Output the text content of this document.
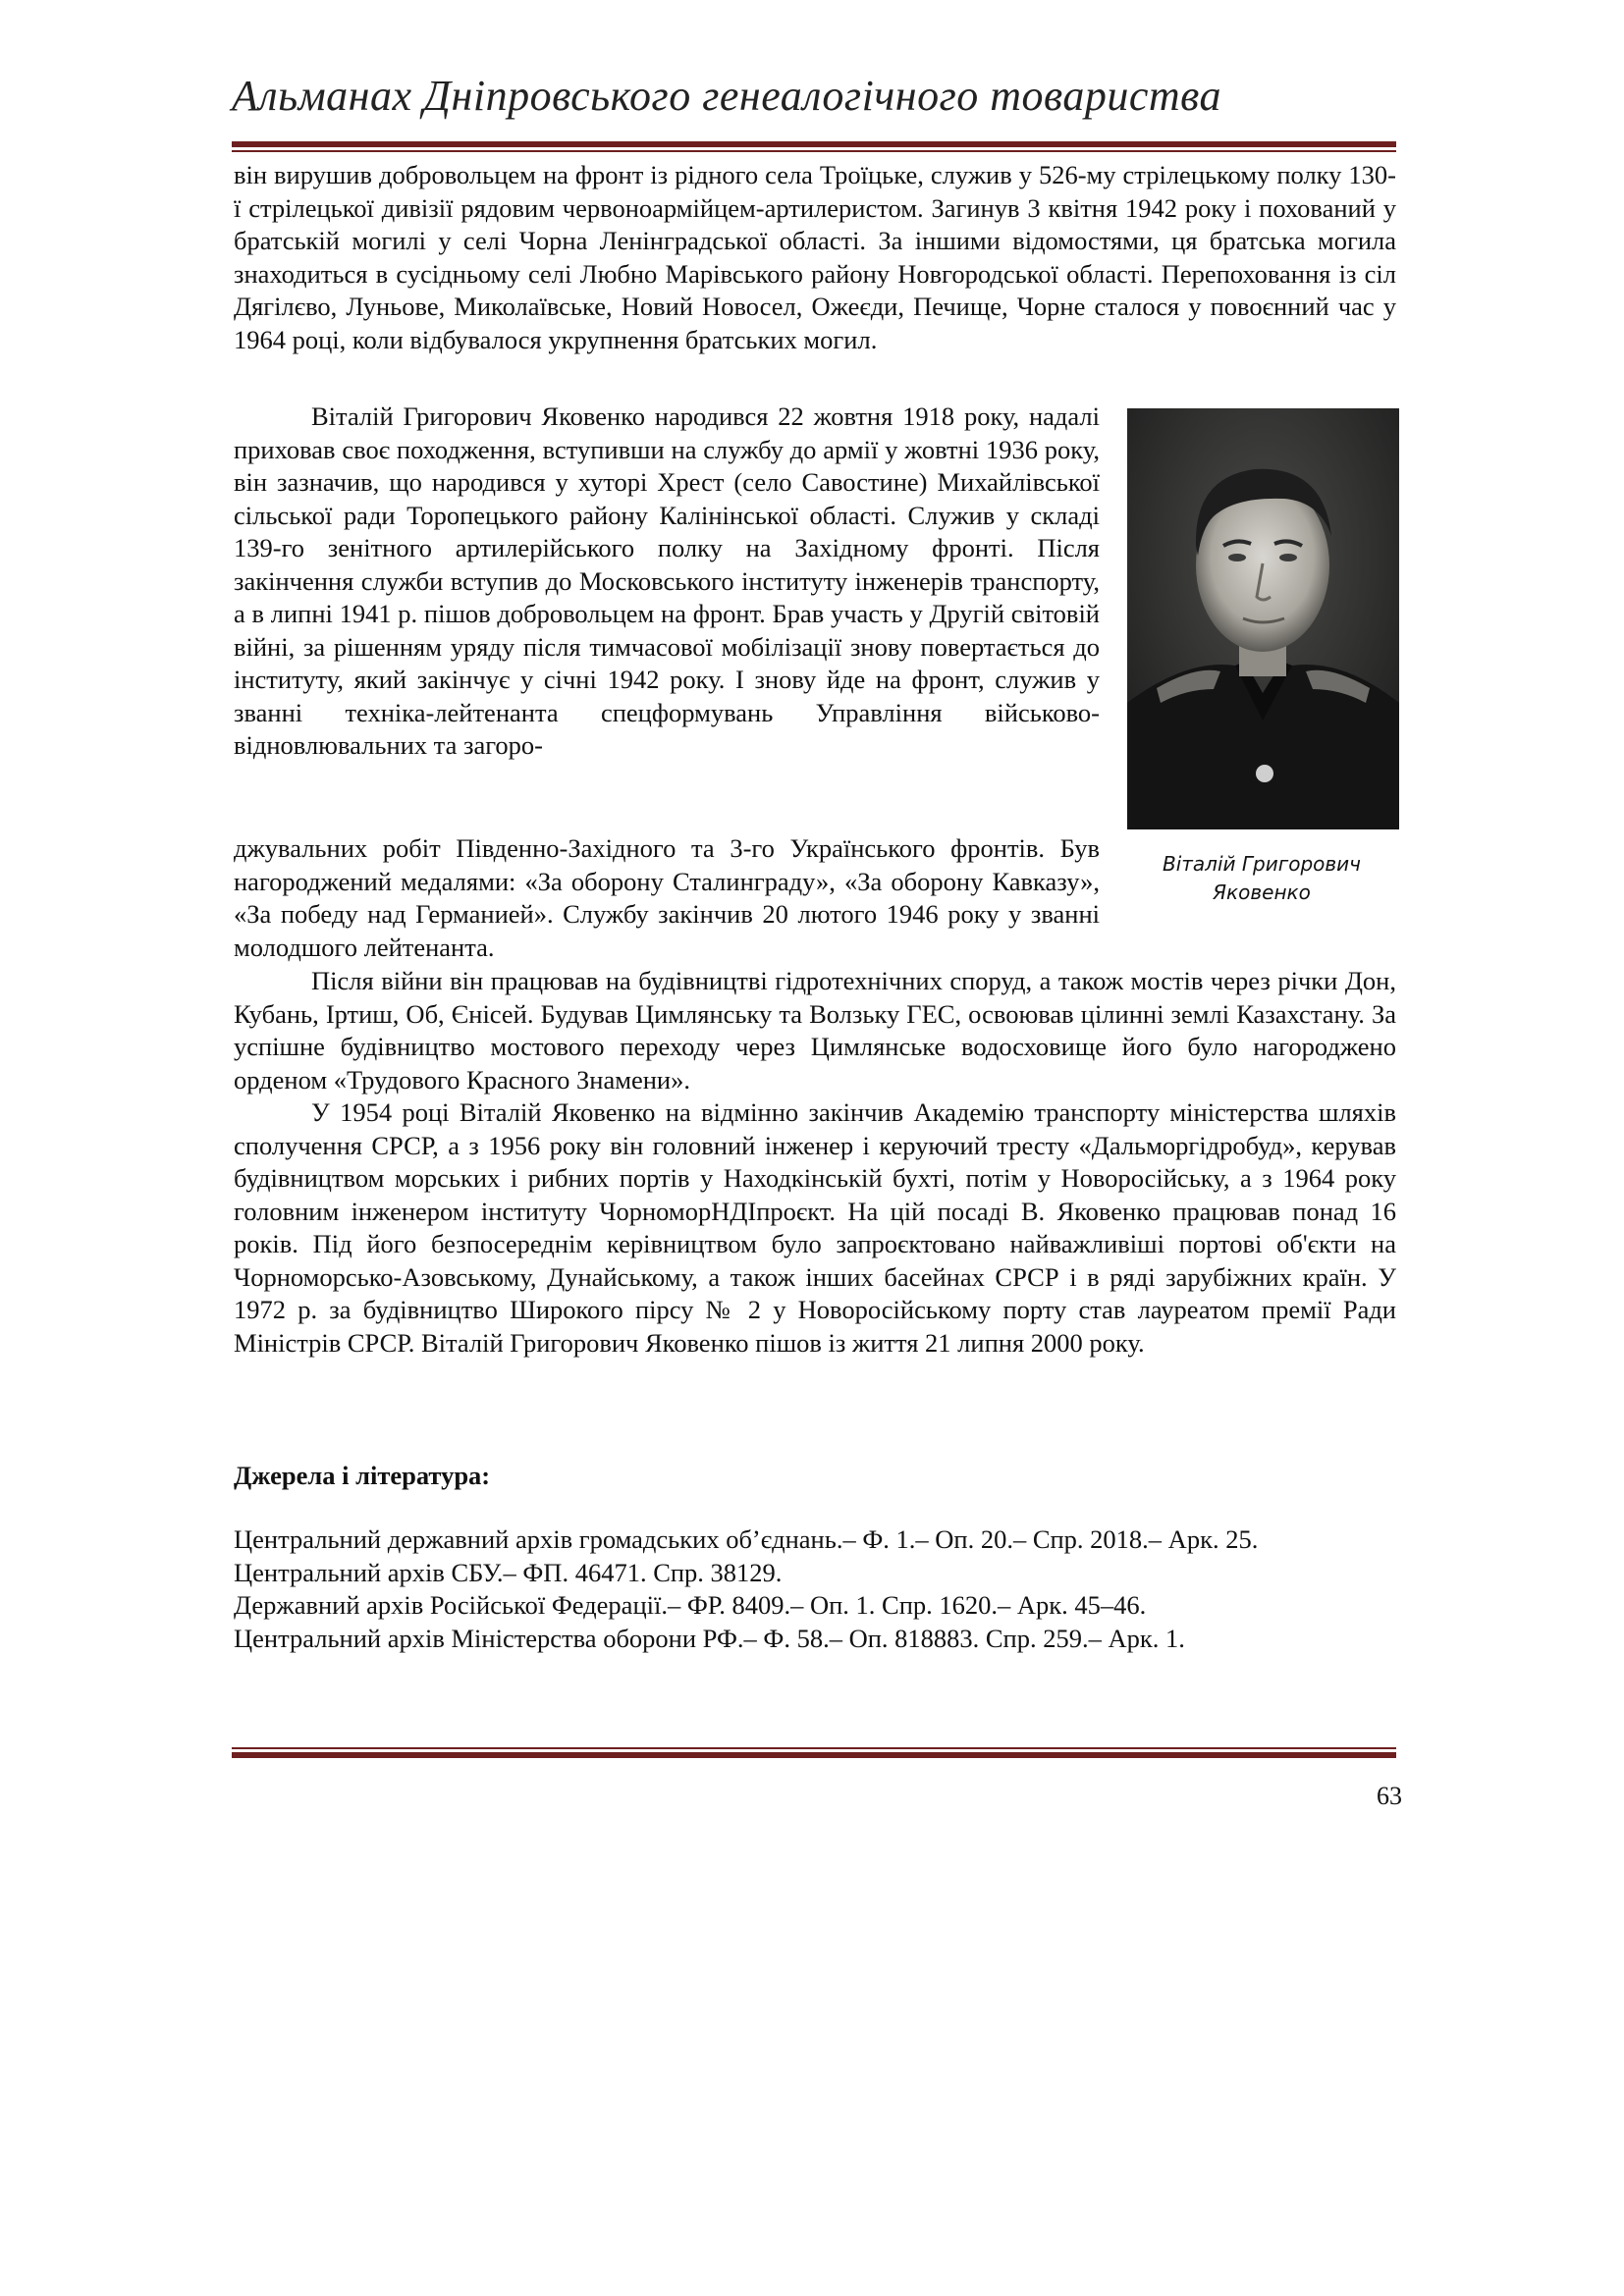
Альманах Дніпровського генеалогічного товариства

він вирушив добровольцем на фронт із рідного села Троїцьке, служив у 526-му стрілецькому полку 130-ї стрілецької дивізії рядовим червоноармійцем-артилеристом. Загинув 3 квітня 1942 року і похований у братській могилі у селі Чорна Ленінградської області. За іншими відомостями, ця братська могила знаходиться в сусідньому селі Любно Марівського району Новгородської області. Перепоховання із сіл Дягілєво, Луньове, Миколаївське, Новий Новосел, Ожеєди, Печище, Чорне сталося у повоєнний час у 1964 році, коли відбувалося укрупнення братських могил.

Віталій Григорович Яковенко народився 22 жовтня 1918 року, надалі приховав своє походження, вступивши на службу до армії у жовтні 1936 року, він зазначив, що народився у хуторі Хрест (село Савостине) Михайлівської сільської ради Торопецького району Калінінської області. Служив у складі 139-го зенітного артилерійського полку на Західному фронті. Після закінчення служби вступив до Московського інституту інженерів транспорту, а в липні 1941 р. пішов добровольцем на фронт. Брав участь у Другій світовій війні, за рішенням уряду після тимчасової мобілізації знову повертається до інституту, який закінчує у січні 1942 року. І знову йде на фронт, служив у званні техніка-лейтенанта спецформувань Управління військово-відновлювальних та загоро-

Віталій Григорович
Яковенко

джувальних робіт Південно-Західного та 3-го Українського фронтів. Був нагороджений медалями: «За оборону Сталинграду», «За оборону Кавказу», «За победу над Германией». Службу закінчив 20 лютого 1946 року у званні молодшого лейтенанта.

Після війни він працював на будівництві гідротехнічних споруд, а також мостів через річки Дон, Кубань, Іртиш, Об, Єнісей. Будував Цимлянську та Волзьку ГЕС, освоював цілинні землі Казахстану. За успішне будівництво мостового переходу через Цимлянське водосховище його було нагороджено орденом «Трудового Красного Знамени».

У 1954 році Віталій Яковенко на відмінно закінчив Академію транспорту міністерства шляхів сполучення СРСР, а з 1956 року він головний інженер і керуючий тресту «Дальморгідробуд», керував будівництвом морських і рибних портів у Находкінській бухті, потім у Новоросійську, а з 1964 року головним інженером інституту ЧорноморНДІпроєкт. На цій посаді В. Яковенко працював понад 16 років. Під його безпосереднім керівництвом було запроєктовано найважливіші портові об'єкти на Чорноморсько-Азовському, Дунайському, а також інших басейнах СРСР і в ряді зарубіжних країн. У 1972 р. за будівництво Широкого пірсу № 2 у Новоросійському порту став лауреатом премії Ради Міністрів СРСР. Віталій Григорович Яковенко пішов із життя 21 липня 2000 року.

Джерела і література:

Центральний державний архів громадських об’єднань.– Ф. 1.– Оп. 20.– Спр. 2018.– Арк. 25.

Центральний архів СБУ.– ФП. 46471. Спр. 38129.

Державний архів Російської Федерації.– ФР. 8409.– Оп. 1. Спр. 1620.– Арк. 45–46.

Центральний архів Міністерства оборони РФ.– Ф. 58.– Оп. 818883. Спр. 259.– Арк. 1.

63
